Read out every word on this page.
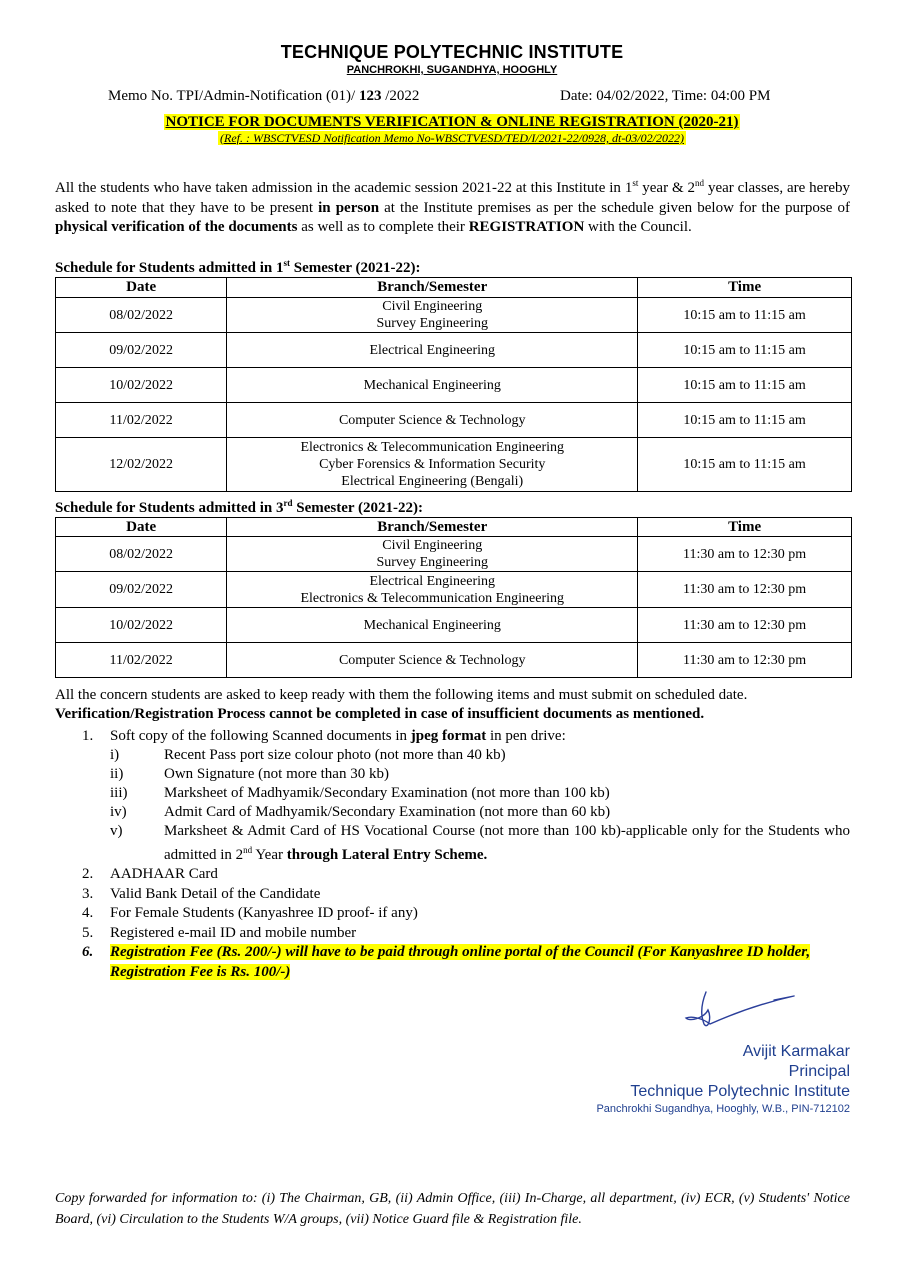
TECHNIQUE POLYTECHNIC INSTITUTE
PANCHROKHI, SUGANDHYA, HOOGHLY
Memo No. TPI/Admin-Notification (01)/ 123 /2022	Date: 04/02/2022, Time: 04:00 PM
NOTICE FOR DOCUMENTS VERIFICATION & ONLINE REGISTRATION (2020-21)
(Ref. : WBSCTVESD Notification Memo No-WBSCTVESD/TED/I/2021-22/0928, dt-03/02/2022)
All the students who have taken admission in the academic session 2021-22 at this Institute in 1st year & 2nd year classes, are hereby asked to note that they have to be present in person at the Institute premises as per the schedule given below for the purpose of physical verification of the documents as well as to complete their REGISTRATION with the Council.
Schedule for Students admitted in 1st Semester (2021-22):
Date	Branch/Semester	Time
08/02/2022	Civil Engineering
Survey Engineering	10:15 am to 11:15 am
09/02/2022	Electrical Engineering	10:15 am to 11:15 am
10/02/2022	Mechanical Engineering	10:15 am to 11:15 am
11/02/2022	Computer Science & Technology	10:15 am to 11:15 am
12/02/2022	Electronics & Telecommunication Engineering
Cyber Forensics & Information Security
Electrical Engineering (Bengali)	10:15 am to 11:15 am
Schedule for Students admitted in 3rd Semester (2021-22):
Date	Branch/Semester	Time
08/02/2022	Civil Engineering
Survey Engineering	11:30 am to 12:30 pm
09/02/2022	Electrical Engineering
Electronics & Telecommunication Engineering	11:30 am to 12:30 pm
10/02/2022	Mechanical Engineering	11:30 am to 12:30 pm
11/02/2022	Computer Science & Technology	11:30 am to 12:30 pm
All the concern students are asked to keep ready with them the following items and must submit on scheduled date.
Verification/Registration Process cannot be completed in case of insufficient documents as mentioned.
1. Soft copy of the following Scanned documents in jpeg format in pen drive:
i)	Recent Pass port size colour photo (not more than 40 kb)
ii)	Own Signature (not more than 30 kb)
iii) Marksheet of Madhyamik/Secondary Examination (not more than 100 kb)
iv) Admit Card of Madhyamik/Secondary Examination (not more than 60 kb)
v)	Marksheet & Admit Card of HS Vocational Course (not more than 100 kb)-applicable only for the Students who admitted in 2nd Year through Lateral Entry Scheme.
2. AADHAAR Card
3. Valid Bank Detail of the Candidate
4. For Female Students (Kanyashree ID proof- if any)
5. Registered e-mail ID and mobile number
6. Registration Fee (Rs. 200/-) will have to be paid through online portal of the Council (For Kanyashree ID holder, Registration Fee is Rs. 100/-)
Avijit Karmakar
Principal
Technique Polytechnic Institute
Panchrokhi Sugandhya, Hooghly, W.B., PIN-712102
Copy forwarded for information to: (i) The Chairman, GB, (ii) Admin Office, (iii) In-Charge, all department, (iv) ECR, (v) Students' Notice Board, (vi) Circulation to the Students W/A groups, (vii) Notice Guard file & Registration file.
